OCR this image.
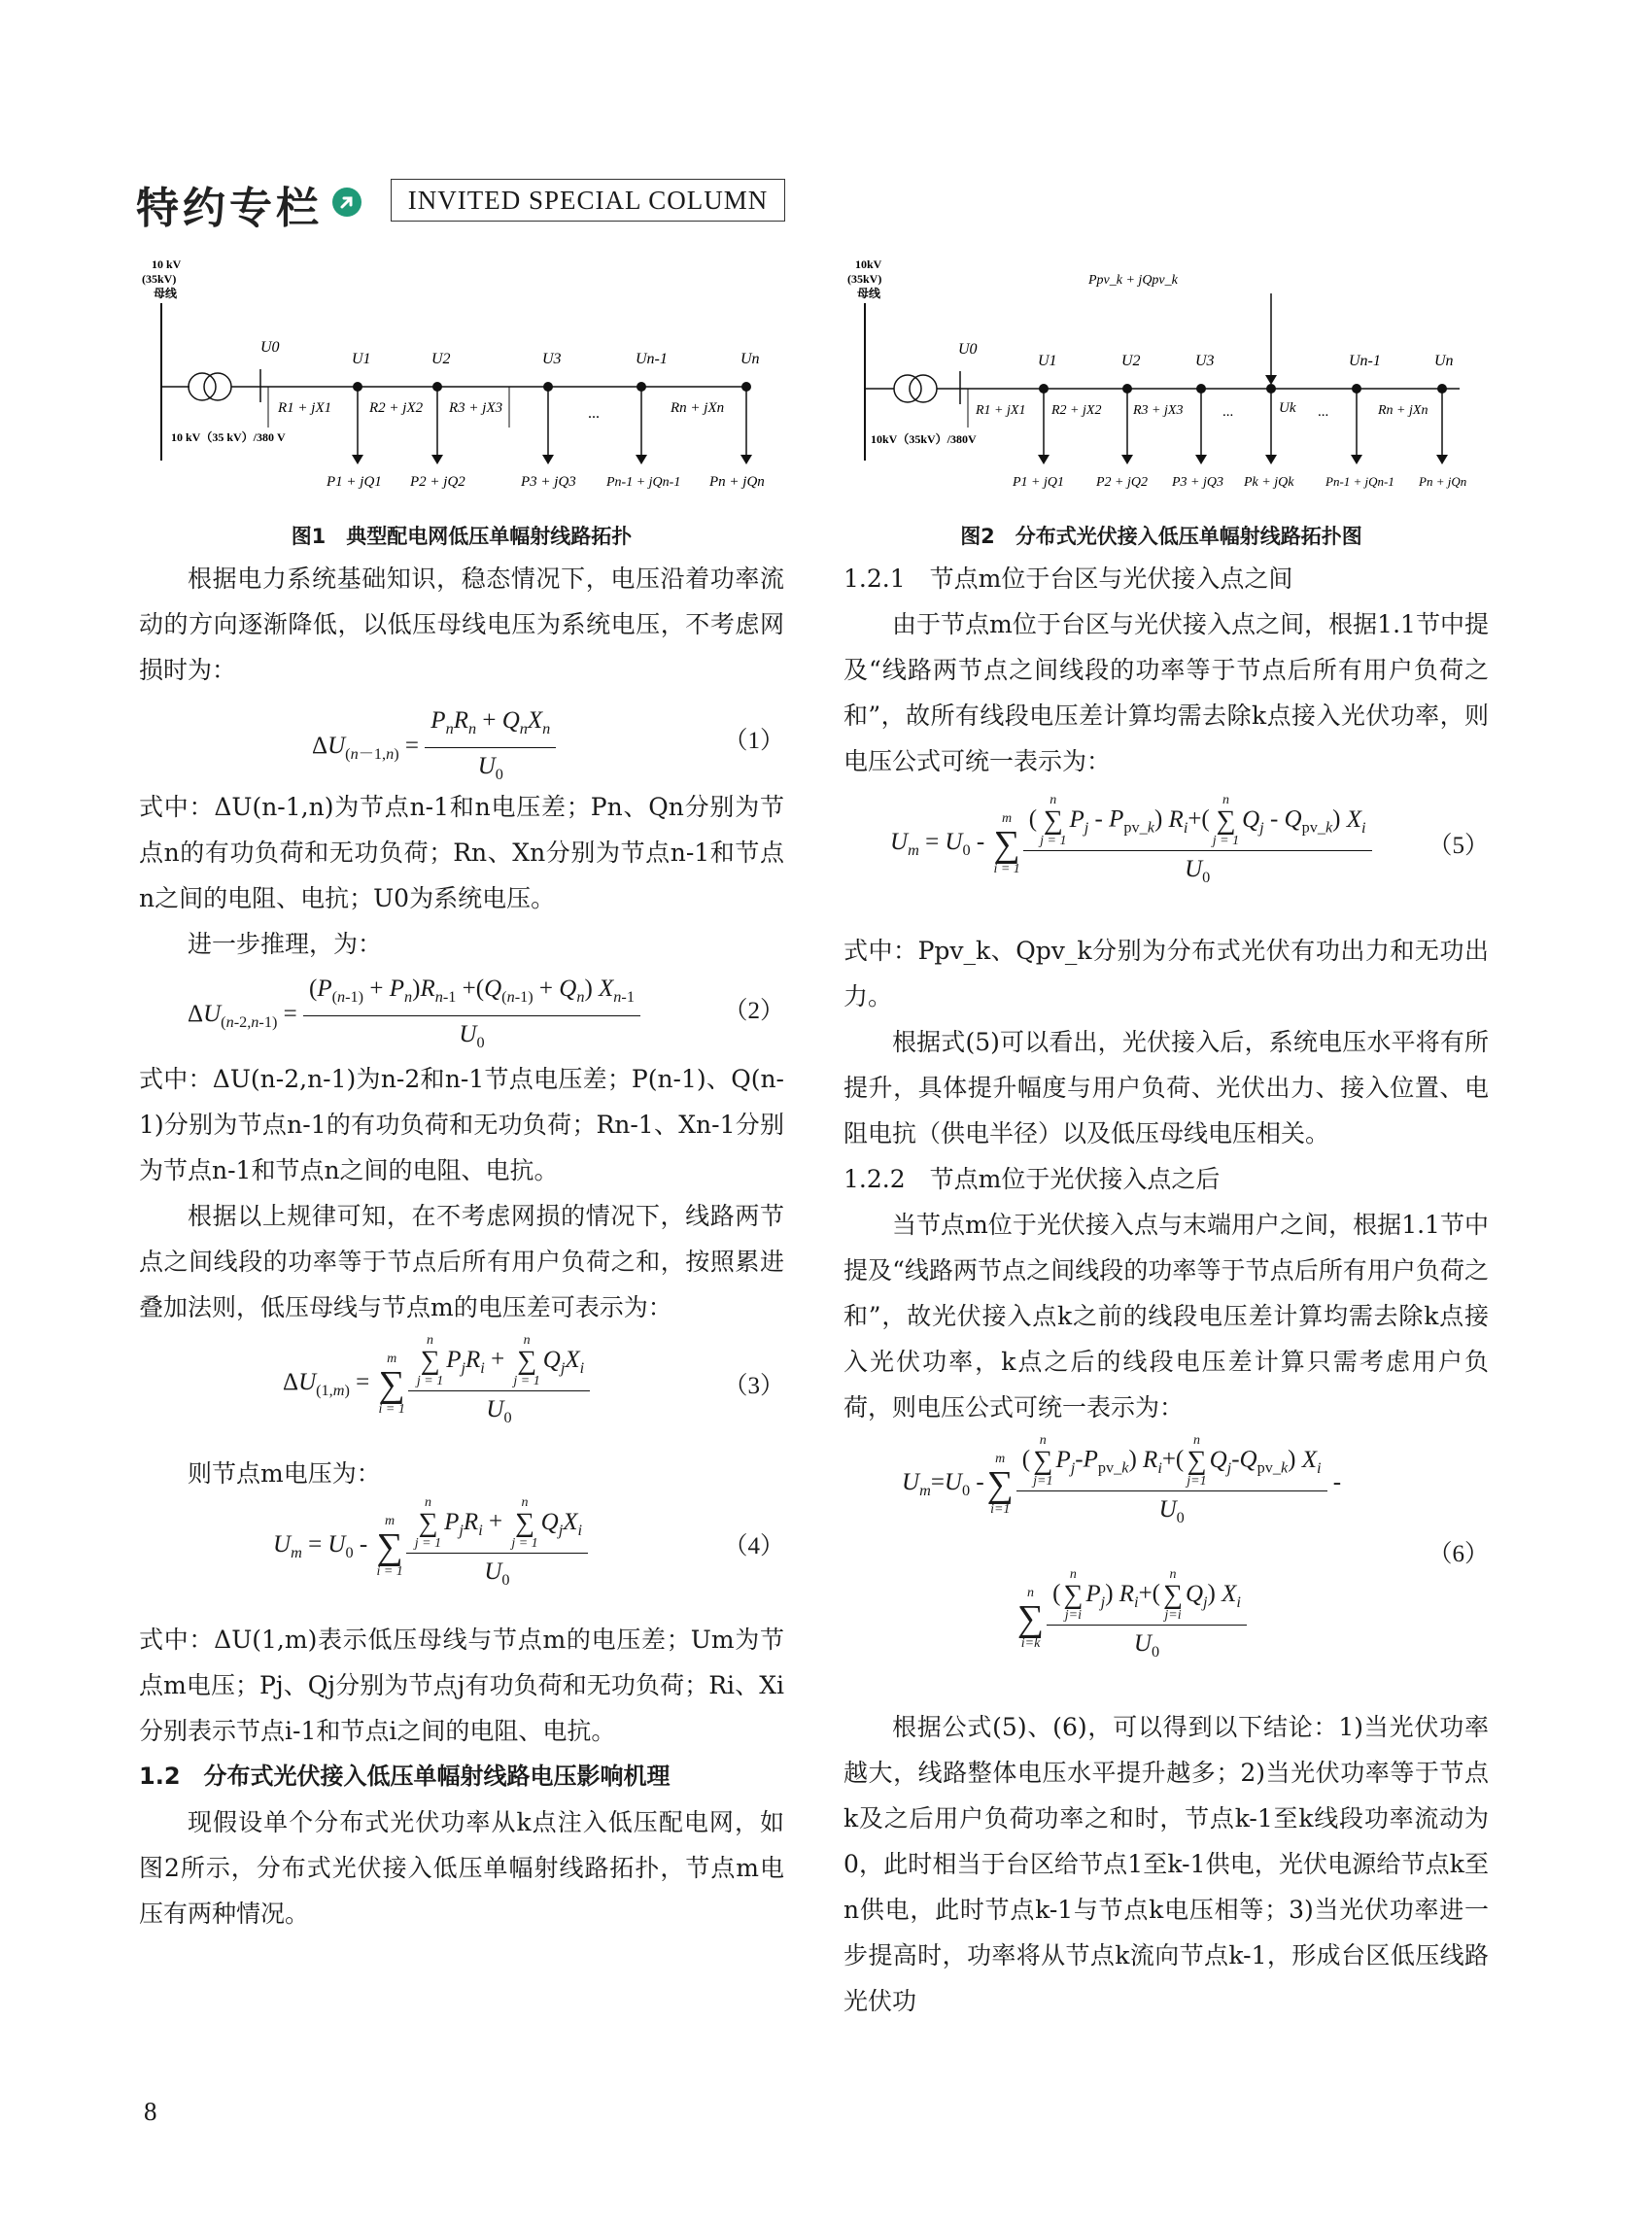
特约专栏	INVITED SPECIAL COLUMN
10 kV (35kV)母线
U0
U1	U2	U3	Un-1	Un
R1 + jX1	R2 + jX2 R3 + jX3	Rn + jXn
...
10 kV（35 kV）/380 V
P1 + jQ1 P2 + jQ2	P3 + jQ3 Pn-1 + jQn-1 Pn + jQn
图1　典型配电网低压单幅射线路拓扑
10kV (35kV)母线
Ppv_k + jQpv_k
U0
U1	U2	U3
Uk
Un-1	Un
R1 + jX1 R2 + jX2 R3 + jX3	Rn + jXn
...	...
10kV（35kV）/380V
P1 + jQ1 P2 + jQ2 P3 + jQ3 Pk + jQk	Pn-1 + jQn-1 Pn + jQn
图2　分布式光伏接入低压单幅射线路拓扑图

根据电力系统基础知识，稳态情况下，电压沿着功率流动的方向逐渐降低，以低压母线电压为系统电压，不考虑网损时为：

$\Delta U_{(n-1,n)} = \frac{P_nR_n + Q_nX_n}{U_0}$	（1）

式中：ΔU(n-1,n)为节点n-1和n电压差；Pn、Qn分别为节点n的有功负荷和无功负荷；Rn、Xn分别为节点n-1和节点n之间的电阻、电抗；U0为系统电压。

进一步推理，为：

$\Delta U_{(n-2,n-1)} = \frac{(P_{(n-1)} + P_n)R_{n-1} +(Q_{(n-1)} + Q_n) X_{n-1}}{U_0}$	（2）

式中：ΔU(n-2,n-1)为n-2和n-1节点电压差；P(n-1)、Q(n-1)分别为节点n-1的有功负荷和无功负荷；Rn-1、Xn-1分别为节点n-1和节点n之间的电阻、电抗。

根据以上规律可知，在不考虑网损的情况下，线路两节点之间线段的功率等于节点后所有用户负荷之和，按照累进叠加法则，低压母线与节点m的电压差可表示为：

$\Delta U_{(1,m)}$ =
m
∑
i = 1 n
∑
j = 1
$P_jR_i$ +
n
∑
j = 1
$Q_jX_i$
$U_0$	（3）

则节点m电压为：

$U_m = U_0$ -
m
∑
i = 1 n
∑
j = 1
$P_jR_i$ +
n
∑
j = 1
$Q_jX_i$
$U_0$	（4）

式中：ΔU(1,m)表示低压母线与节点m的电压差；Um为节点m电压；Pj、Qj分别为节点j有功负荷和无功负荷；Ri、Xi分别表示节点i-1和节点i之间的电阻、电抗。

1.2　分布式光伏接入低压单幅射线路电压影响机理

现假设单个分布式光伏功率从k点注入低压配电网，如图2所示，分布式光伏接入低压单幅射线路拓扑，节点m电压有两种情况。

1.2.1　节点m位于台区与光伏接入点之间

由于节点m位于台区与光伏接入点之间，根据1.1节中提及“线路两节点之间线段的功率等于节点后所有用户负荷之和”，故所有线段电压差计算均需去除k点接入光伏功率，则电压公式可统一表示为：

$U_m = U_0$ -
m
∑
i = 1 (
n
∑
j = 1
$P_j - P_{pv\_k}$) $R_i+$(
n
∑
j = 1
$Q_j - Q_{pv\_k}$) $X_i$
$U_0$ （5）

式中：Ppv_k、Qpv_k分别为分布式光伏有功出力和无功出力。

根据式(5)可以看出，光伏接入后，系统电压水平将有所提升，具体提升幅度与用户负荷、光伏出力、接入位置、电阻电抗（供电半径）以及低压母线电压相关。

1.2.2　节点m位于光伏接入点之后

当节点m位于光伏接入点与末端用户之间，根据1.1节中提及“线路两节点之间线段的功率等于节点后所有用户负荷之和”，故光伏接入点k之前的线段电压差计算均需去除k点接入光伏功率，k点之后的线段电压差计算只需考虑用户负荷，则电压公式可统一表示为：

$U_m=U_0$ -
m
∑
i=1 (
n
∑
j=1
$P_j-P_{pv\_k}$) $R_i+$(
n
∑
j=1
$Q_j-Q_{pv\_k}$) $X_i$
$U_0$ -
n
∑
i=k (
n
∑
j=i
$P_j$) $R_i+$(
n
∑
j=i
$Q_j$) $X_i$
$U_0$
（6）

根据公式(5)、(6)，可以得到以下结论：1)当光伏功率越大，线路整体电压水平提升越多；2)当光伏功率等于节点k及之后用户负荷功率之和时，节点k-1至k线段功率流动为0，此时相当于台区给节点1至k-1供电，光伏电源给节点k至n供电，此时节点k-1与节点k电压相等；3)当光伏功率进一步提高时，功率将从节点k流向节点k-1，形成台区低压线路光伏功

8
